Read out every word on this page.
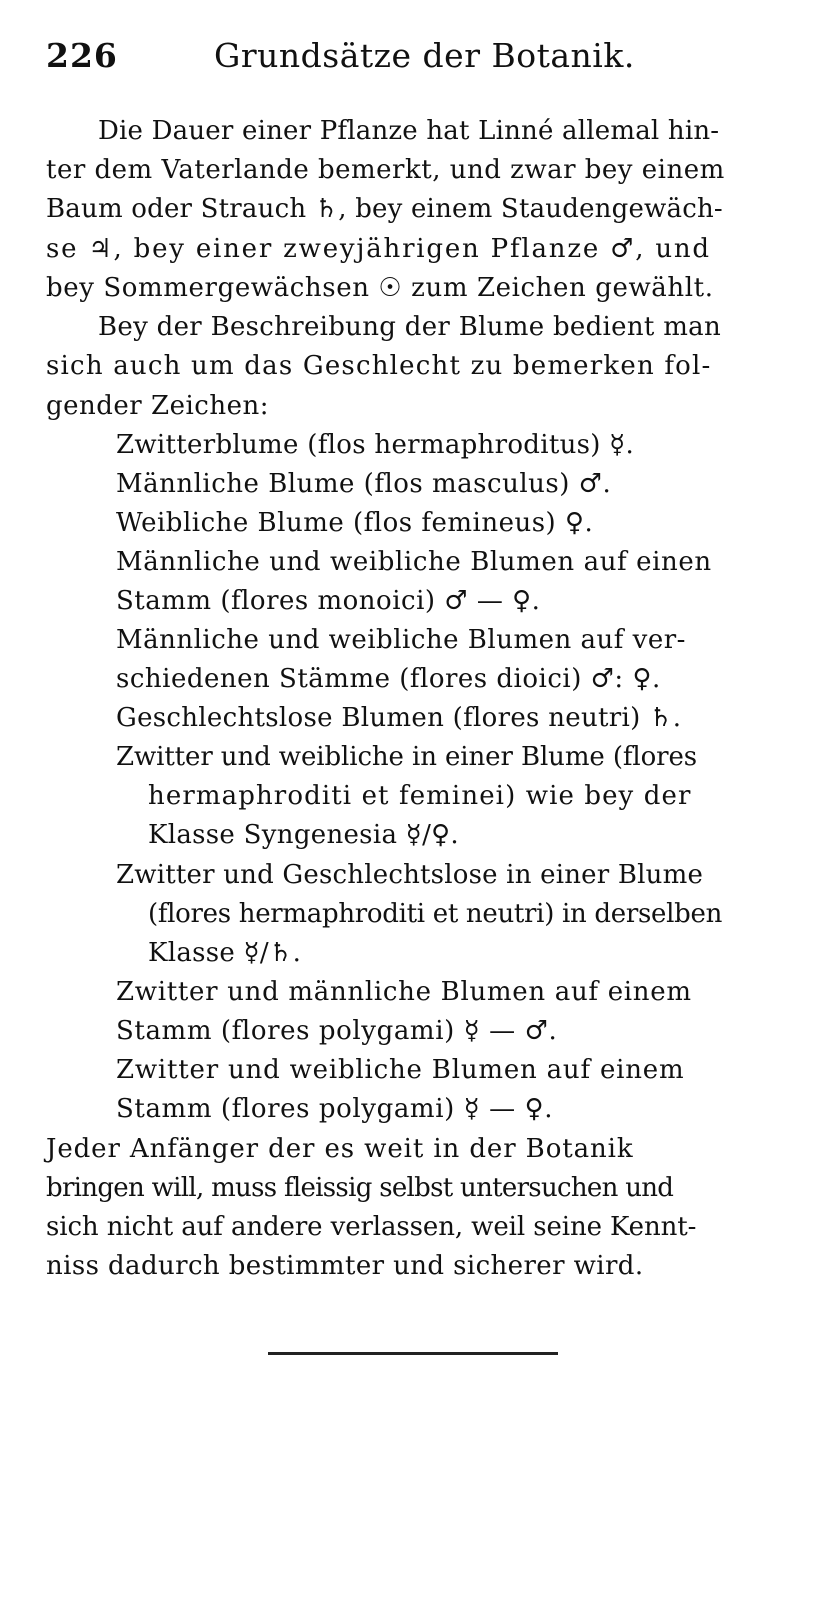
226	Grundsätze der Botanik.
Die Dauer einer Pflanze hat Linné allemal hin-
ter dem Vaterlande bemerkt, und zwar bey einem
Baum oder Strauch ♄, bey einem Staudengewäch-
se ♃, bey einer zweyjährigen Pflanze ♂, und
bey Sommergewächsen ☉ zum Zeichen gewählt.
Bey der Beschreibung der Blume bedient man
sich auch um das Geschlecht zu bemerken fol-
gender Zeichen:
Zwitterblume (flos hermaphroditus) ☿.
Männliche Blume (flos masculus) ♂.
Weibliche Blume (flos femineus) ♀.
Männliche und weibliche Blumen auf einen
Stamm (flores monoici) ♂ — ♀.
Männliche und weibliche Blumen auf ver-
schiedenen Stämme (flores dioici) ♂: ♀.
Geschlechtslose Blumen (flores neutri) ♄.
Zwitter und weibliche in einer Blume (flores
hermaphroditi et feminei) wie bey der
Klasse Syngenesia ☿/♀.
Zwitter und Geschlechtslose in einer Blume
(flores hermaphroditi et neutri) in derselben
Klasse ☿/♄.
Zwitter und männliche Blumen auf einem
Stamm (flores polygami) ☿ — ♂.
Zwitter und weibliche Blumen auf einem
Stamm (flores polygami) ☿ — ♀.
Jeder Anfänger der es weit in der Botanik
bringen will, muss fleissig selbst untersuchen und
sich nicht auf andere verlassen, weil seine Kennt-
niss dadurch bestimmter und sicherer wird.
